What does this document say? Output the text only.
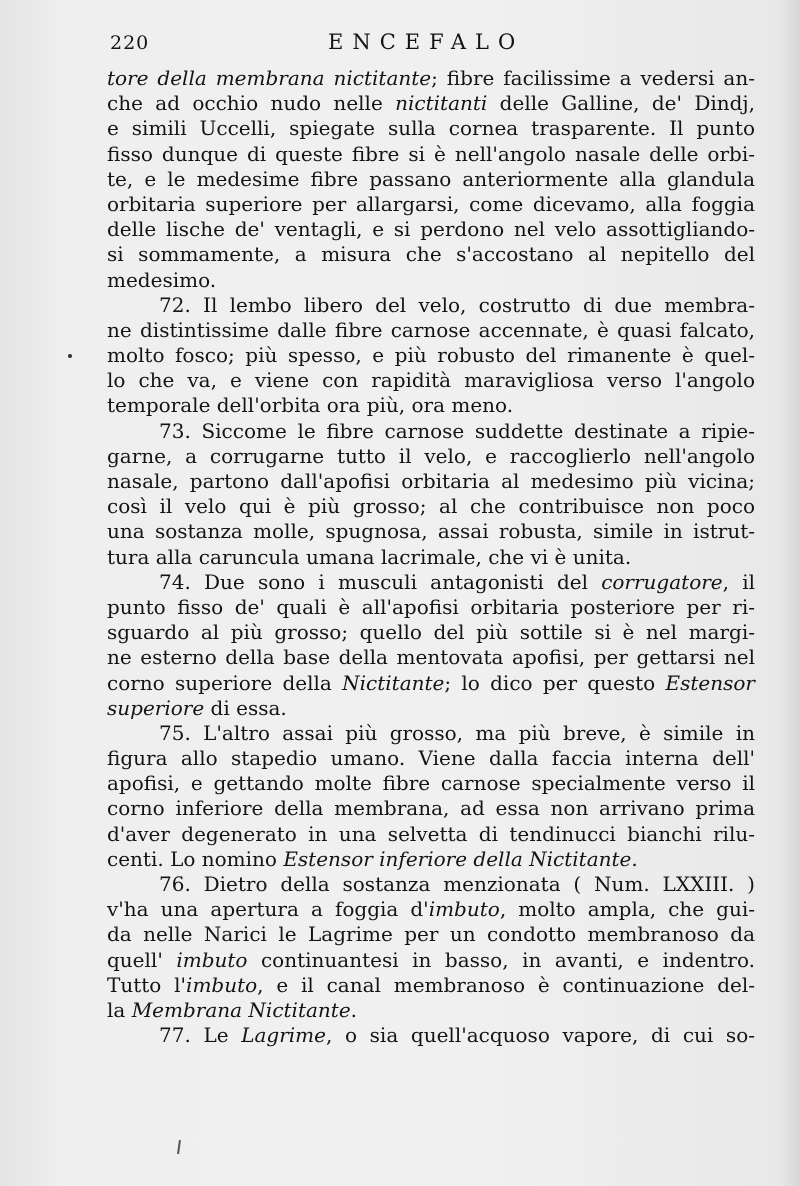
220	ENCEFALO
tore della membrana nictitante; fibre facilissime a vedersi an-
che ad occhio nudo nelle nictitanti delle Galline, de' Dindj,
e simili Uccelli, spiegate sulla cornea trasparente. Il punto
fisso dunque di queste fibre si è nell'angolo nasale delle orbi-
te, e le medesime fibre passano anteriormente alla glandula
orbitaria superiore per allargarsi, come dicevamo, alla foggia
delle lische de' ventagli, e si perdono nel velo assottigliando-
si sommamente, a misura che s'accostano al nepitello del
medesimo.
72. Il lembo libero del velo, costrutto di due membra-
ne distintissime dalle fibre carnose accennate, è quasi falcato,
molto fosco; più spesso, e più robusto del rimanente è quel-
lo che va, e viene con rapidità maravigliosa verso l'angolo
temporale dell'orbita ora più, ora meno.
73. Siccome le fibre carnose suddette destinate a ripie-
garne, a corrugarne tutto il velo, e raccoglierlo nell'angolo
nasale, partono dall'apofisi orbitaria al medesimo più vicina;
così il velo qui è più grosso; al che contribuisce non poco
una sostanza molle, spugnosa, assai robusta, simile in istrut-
tura alla caruncula umana lacrimale, che vi è unita.
74. Due sono i musculi antagonisti del corrugatore, il
punto fisso de' quali è all'apofisi orbitaria posteriore per ri-
sguardo al più grosso; quello del più sottile si è nel margi-
ne esterno della base della mentovata apofisi, per gettarsi nel
corno superiore della Nictitante; lo dico per questo Estensor
superiore di essa.
75. L'altro assai più grosso, ma più breve, è simile in
figura allo stapedio umano. Viene dalla faccia interna dell'
apofisi, e gettando molte fibre carnose specialmente verso il
corno inferiore della membrana, ad essa non arrivano prima
d'aver degenerato in una selvetta di tendinucci bianchi rilu-
centi. Lo nomino Estensor inferiore della Nictitante.
76. Dietro della sostanza menzionata ( Num. LXXIII. )
v'ha una apertura a foggia d'imbuto, molto ampla, che gui-
da nelle Narici le Lagrime per un condotto membranoso da
quell' imbuto continuantesi in basso, in avanti, e indentro.
Tutto l'imbuto, e il canal membranoso è continuazione del-
la Membrana Nictitante.
77. Le Lagrime, o sia quell'acquoso vapore, di cui so-
